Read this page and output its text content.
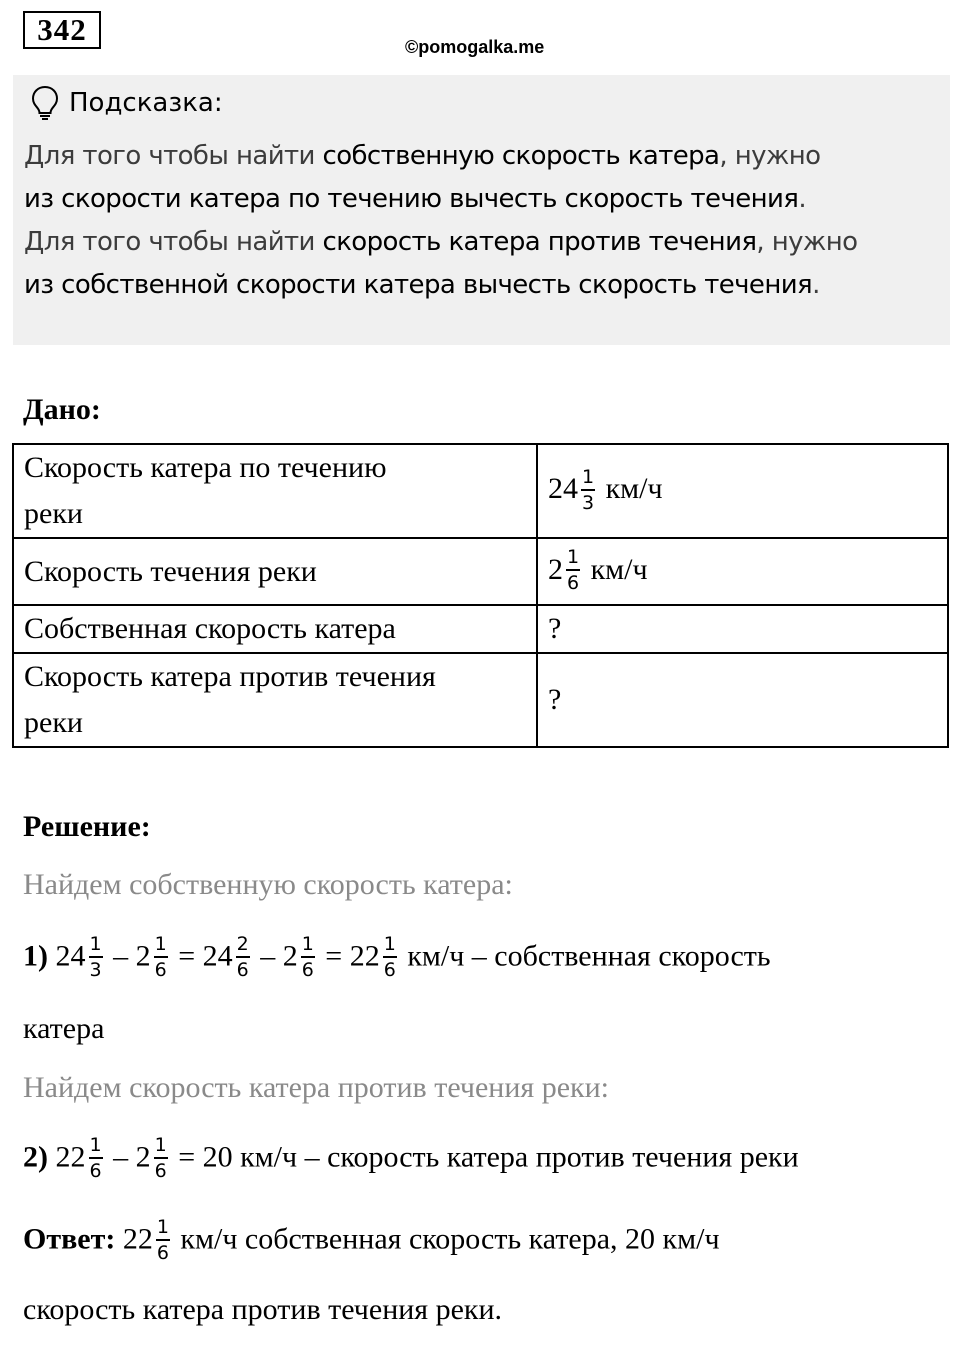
342	©pomogalka.me
Подсказка:
Для того чтобы найти собственную скорость катера, нужно
из скорости катера по течению вычесть скорость течения.
Для того чтобы найти скорость катера против течения, нужно
из собственной скорости катера вычесть скорость течения.
Дано:
Скорость катера по течению
реки	$24 \frac{1}{3} км/ч$
Скорость течения реки	$2 \frac{1}{6} км/ч$
Собственная скорость катера	?
Скорость катера против течения
реки	?
Решение:
Найдем собственную скорость катера:
1) $24 \frac{1}{3} - 2 \frac{1}{6} = 24 \frac{2}{6} - 2 \frac{1}{6} = 22 \frac{1}{6} км/ч$ – собственная скорость
катера
Найдем скорость катера против течения реки:
2) $22 \frac{1}{6} - 2 \frac{1}{6} = 20$ км/ч – скорость катера против течения реки
Ответ: $22 \frac{1}{6} км/ч$ собственная скорость катера, 20 км/ч
скорость катера против течения реки.
